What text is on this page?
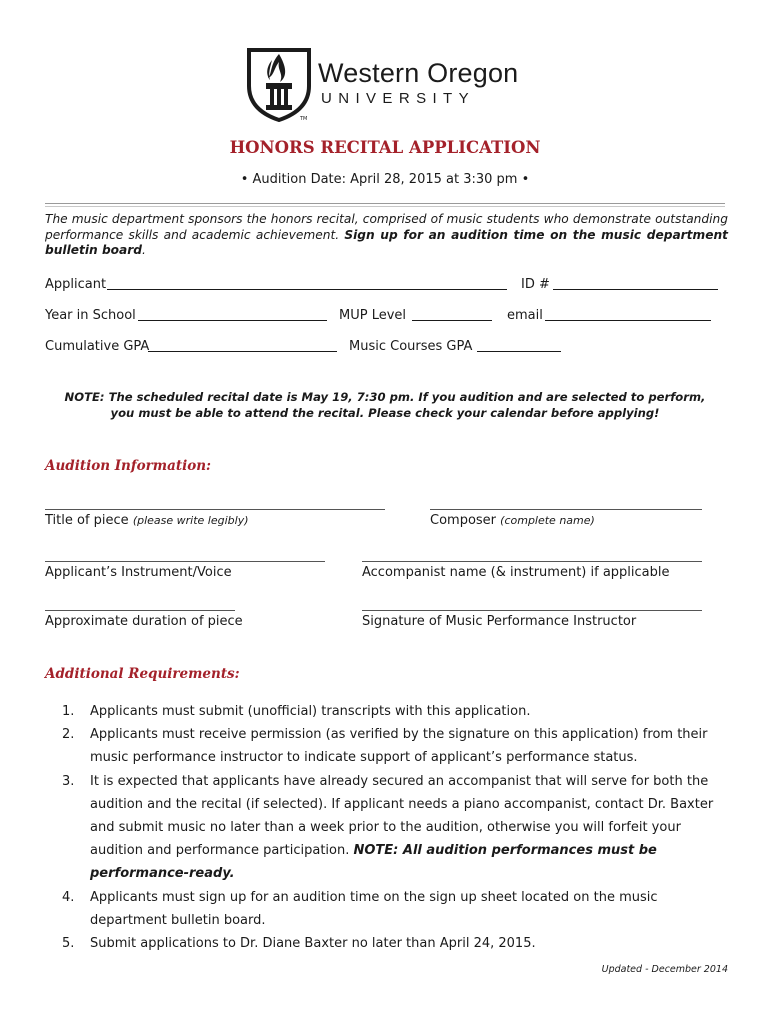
TM
Western Oregon
UNIVERSITY
HONORS RECITAL APPLICATION
• Audition Date: April 28, 2015 at 3:30 pm •
The music department sponsors the honors recital, comprised of music students who demonstrate outstanding performance skills and academic achievement. Sign up for an audition time on the music department bulletin board.
Applicant	ID #
Year in School	MUP Level	email
Cumulative GPA	Music Courses GPA
NOTE: The scheduled recital date is May 19, 7:30 pm. If you audition and are selected to perform,
you must be able to attend the recital. Please check your calendar before applying!
Audition Information:
Title of piece (please write legibly)	Composer (complete name)
Applicant’s Instrument/Voice	Accompanist name (& instrument) if applicable
Approximate duration of piece	Signature of Music Performance Instructor
Additional Requirements:
1.	Applicants must submit (unofficial) transcripts with this application.
2.	Applicants must receive permission (as verified by the signature on this application) from their music performance instructor to indicate support of applicant’s performance status.
3.	It is expected that applicants have already secured an accompanist that will serve for both the audition and the recital (if selected). If applicant needs a piano accompanist, contact Dr. Baxter and submit music no later than a week prior to the audition, otherwise you will forfeit your audition and performance participation. NOTE: All audition performances must be performance-ready.
4.	Applicants must sign up for an audition time on the sign up sheet located on the music department bulletin board.
5.	Submit applications to Dr. Diane Baxter no later than April 24, 2015.
Updated - December 2014
